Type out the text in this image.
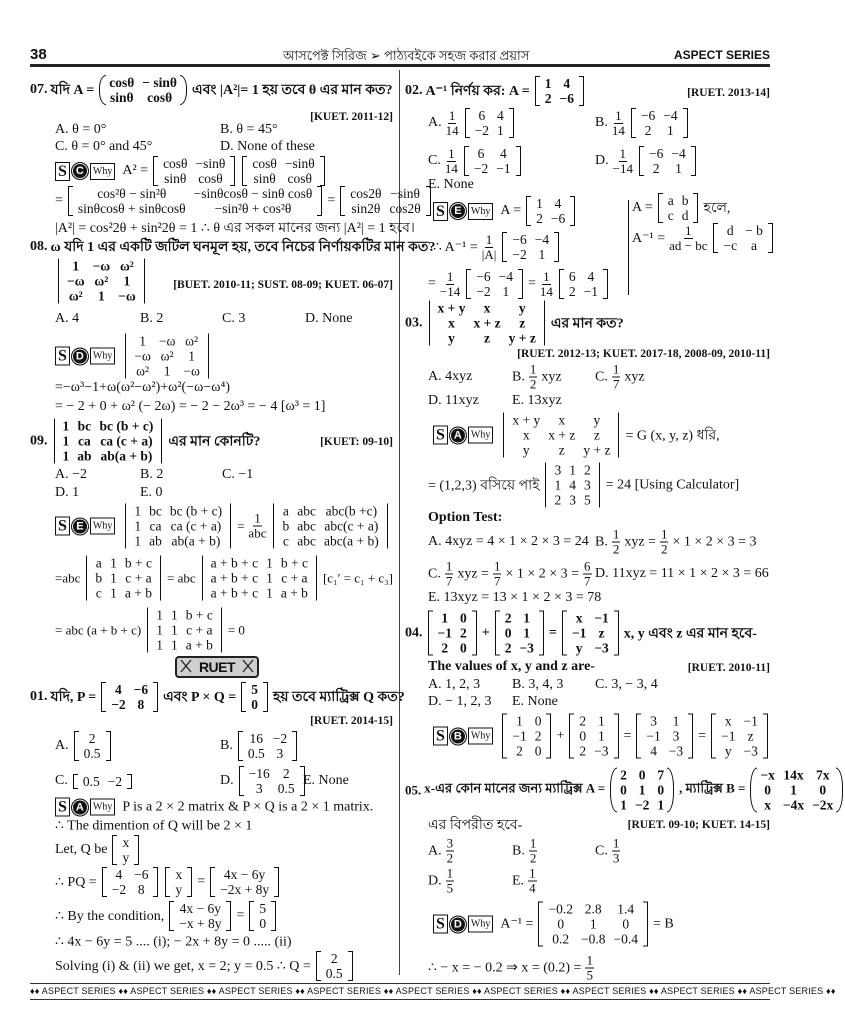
38	আসপেক্ট সিরিজ ➢ পাঠ্যবইকে সহজ করার প্রয়াস	ASPECT SERIES
07. যদি A =
cosθ	− sinθ
sinθ	cosθ এবং |A²|= 1 হয় তবে θ এর মান কত?
[KUET. 2011-12]
A. θ = 0°	B. θ = 45°
C. θ = 0° and 45°	D. None of these
S C Why A² = cosθ	−sinθ
sinθ	cosθ
cosθ	−sinθ
sinθ	cosθ
=	cos²θ − sin²θ	−sinθcosθ − sinθ cosθ
sinθcosθ + sinθcosθ	−sin²θ + cos²θ
= cos2θ	−sinθ
sin2θ	cos2θ
|A²| = cos²2θ + sin²2θ = 1 ∴ θ এর সকল মানের জন্য |A²| = 1 হবে।
08. ω যদি 1 এর একটি জটিল ঘনমূল হয়, তবে নিচের নির্ণায়কটির মান কত?
1	−ω	ω²
−ω	ω²	1
ω²	1	−ω
[BUET. 2010-11; SUST. 08-09; KUET. 06-07]
A. 4	B. 2	C. 3	D. None
S D Why
1	−ω	ω²
−ω	ω²	1
ω²	1	−ω
=−ω³−1+ω(ω²−ω²)+ω²(−ω−ω⁴)
= − 2 + 0 + ω² (− 2ω) = − 2 − 2ω³ = − 4 [ω³ = 1]
09.
1	bc	bc (b + c)
1	ca	ca (c + a)
1	ab	ab(a + b)
এর মান কোনটি?	[KUET: 09-10]
A. −2	B. 2	C. −1
D. 1	E. 0
S E Why
1	bc	bc (b + c)
1	ca	ca (c + a)
1	ab	ab(a + b)
= 1
abc
a	abc	abc(b +c)
b	abc	abc(c + a)
c	abc	abc(a + b)
=abc
a	1	b + c
b	1	c + a
c	1	a + b
= abc
a + b + c	1	b + c
a + b + c	1	c + a
a + b + c	1	a + b
[c₁′ = c₁ + c₃]
= abc (a + b + c)
1	1	b + c
1	1	c + a
1	1	a + b
= 0
RUET
01. যদি, P =
4	−6
−2	8 এবং P × Q =
5
0 হয় তবে ম্যাট্রিক্স Q কত?
[RUET. 2014-15]
A. 2
0.5
B. 16	−2
0.5	3
C. 0.5	−2	D. −16	2
3	0.5
E. None
S A Why P is a 2 × 2 matrix & P × Q is a 2 × 1 matrix.
∴ The dimention of Q will be 2 × 1
Let, Q be x
y
∴ PQ = 4	−6
−2	8
x
y
= 4x − 6y
−2x + 8y
∴ By the condition, 4x − 6y
−x + 8y
= 5
0
∴ 4x − 6y = 5 .... (i); − 2x + 8y = 0 ..... (ii)
Solving (i) & (ii) we get, x = 2; y = 0.5 ∴ Q = 2
0.5
02. A⁻¹ নির্ণয় কর: A =
1	4
2	−6	[RUET. 2013-14]
A. $\frac{1}{14} 6$	4
−2	1
B. $\frac{1}{14} -6$	−4
2	1
C. $\frac{1}{14} 6$	4
−2	−1
D. $\frac{1}{-14} -6$	−4
2	1
E. None
S E Why A = 1	4
2	−6
∴ $A^{-1} = \frac{1}{|A|} -6$	−4
−2	1
= $\frac{1}{-14} -6$	−4
−2	1
= $\frac{1}{14} 6$	4
2	−1
A = a	b
c	d হলে,
$A^{-1} = \frac{1}{ad - bc}$ d	− b
−c	a
03.
x + y	x	y
x	x + z	z
y	z	y + z
এর মান কত?
[RUET. 2012-13; KUET. 2017-18, 2008-09, 2010-11]
A. 4xyz	B. $\frac{1}{2}$ xyz C. $\frac{1}{7}$ xyz
D. 11xyz E. 13xyz
S A Why
x + y	x	y
x	x + z	z
y	z	y + z
= G (x, y, z) ধরি,
= (1,2,3) বসিয়ে পাই
3	1	2
1	4	3
2	3	5
= 24 [Using Calculator]
Option Test:
A. 4xyz = 4 × 1 × 2 × 3 = 24 B. $\frac{1}{2}$ xyz = $\frac{1}{2} \times 1 \times 2 \times 3 = 3$
C. $\frac{1}{7}$ xyz = $\frac{1}{7} \times 1 \times 2 \times 3 = \frac{6}{7} D$. 11xyz = 11 × 1 × 2 × 3 = 66
E. 13xyz = 13 × 1 × 2 × 3 = 78
04.
1	0
−1	2
2	0
+
2	1
0	1
2	−3
=
x	−1
−1	z
y	−3
x, y এবং z এর মান হবে-
The values of x, y and z are-	[RUET. 2010-11]
A. 1, 2, 3 B. 3, 4, 3 C. 3, − 3, 4
D. − 1, 2, 3 E. None
S B Why
1	0
−1	2
2	0
+
2	1
0	1
2	−3
=
3	1
−1	3
4	−3
=
x	−1
−1	z
y	−3
05. x-এর কোন মানের জন্য ম্যাট্রিক্স A =
2	0	7
0	1	0
1	−2	1
, ম্যাট্রিক্স B =
−x	14x	7x
0	1	0
x	−4x	−2x
এর বিপরীত হবে-	[RUET. 09-10; KUET. 14-15]
A. $\frac{3}{2}$	B. $\frac{1}{2}$	C. $\frac{1}{3}$
D. $\frac{1}{5}$	E. $\frac{1}{4}$
S D Why A⁻¹ =
−0.2	2.8	1.4
0	1	0
0.2	−0.8	−0.4
= B
∴ − x = − 0.2 ⇒ $x = (0.2) = \frac{1}{5}$
♦♦ ASPECT SERIES ♦♦ ASPECT SERIES ♦♦ ASPECT SERIES ♦♦ ASPECT SERIES ♦♦ ASPECT SERIES ♦♦ ASPECT SERIES ♦♦ ASPECT SERIES ♦♦ ASPECT SERIES ♦♦ ASPECT SERIES ♦♦
